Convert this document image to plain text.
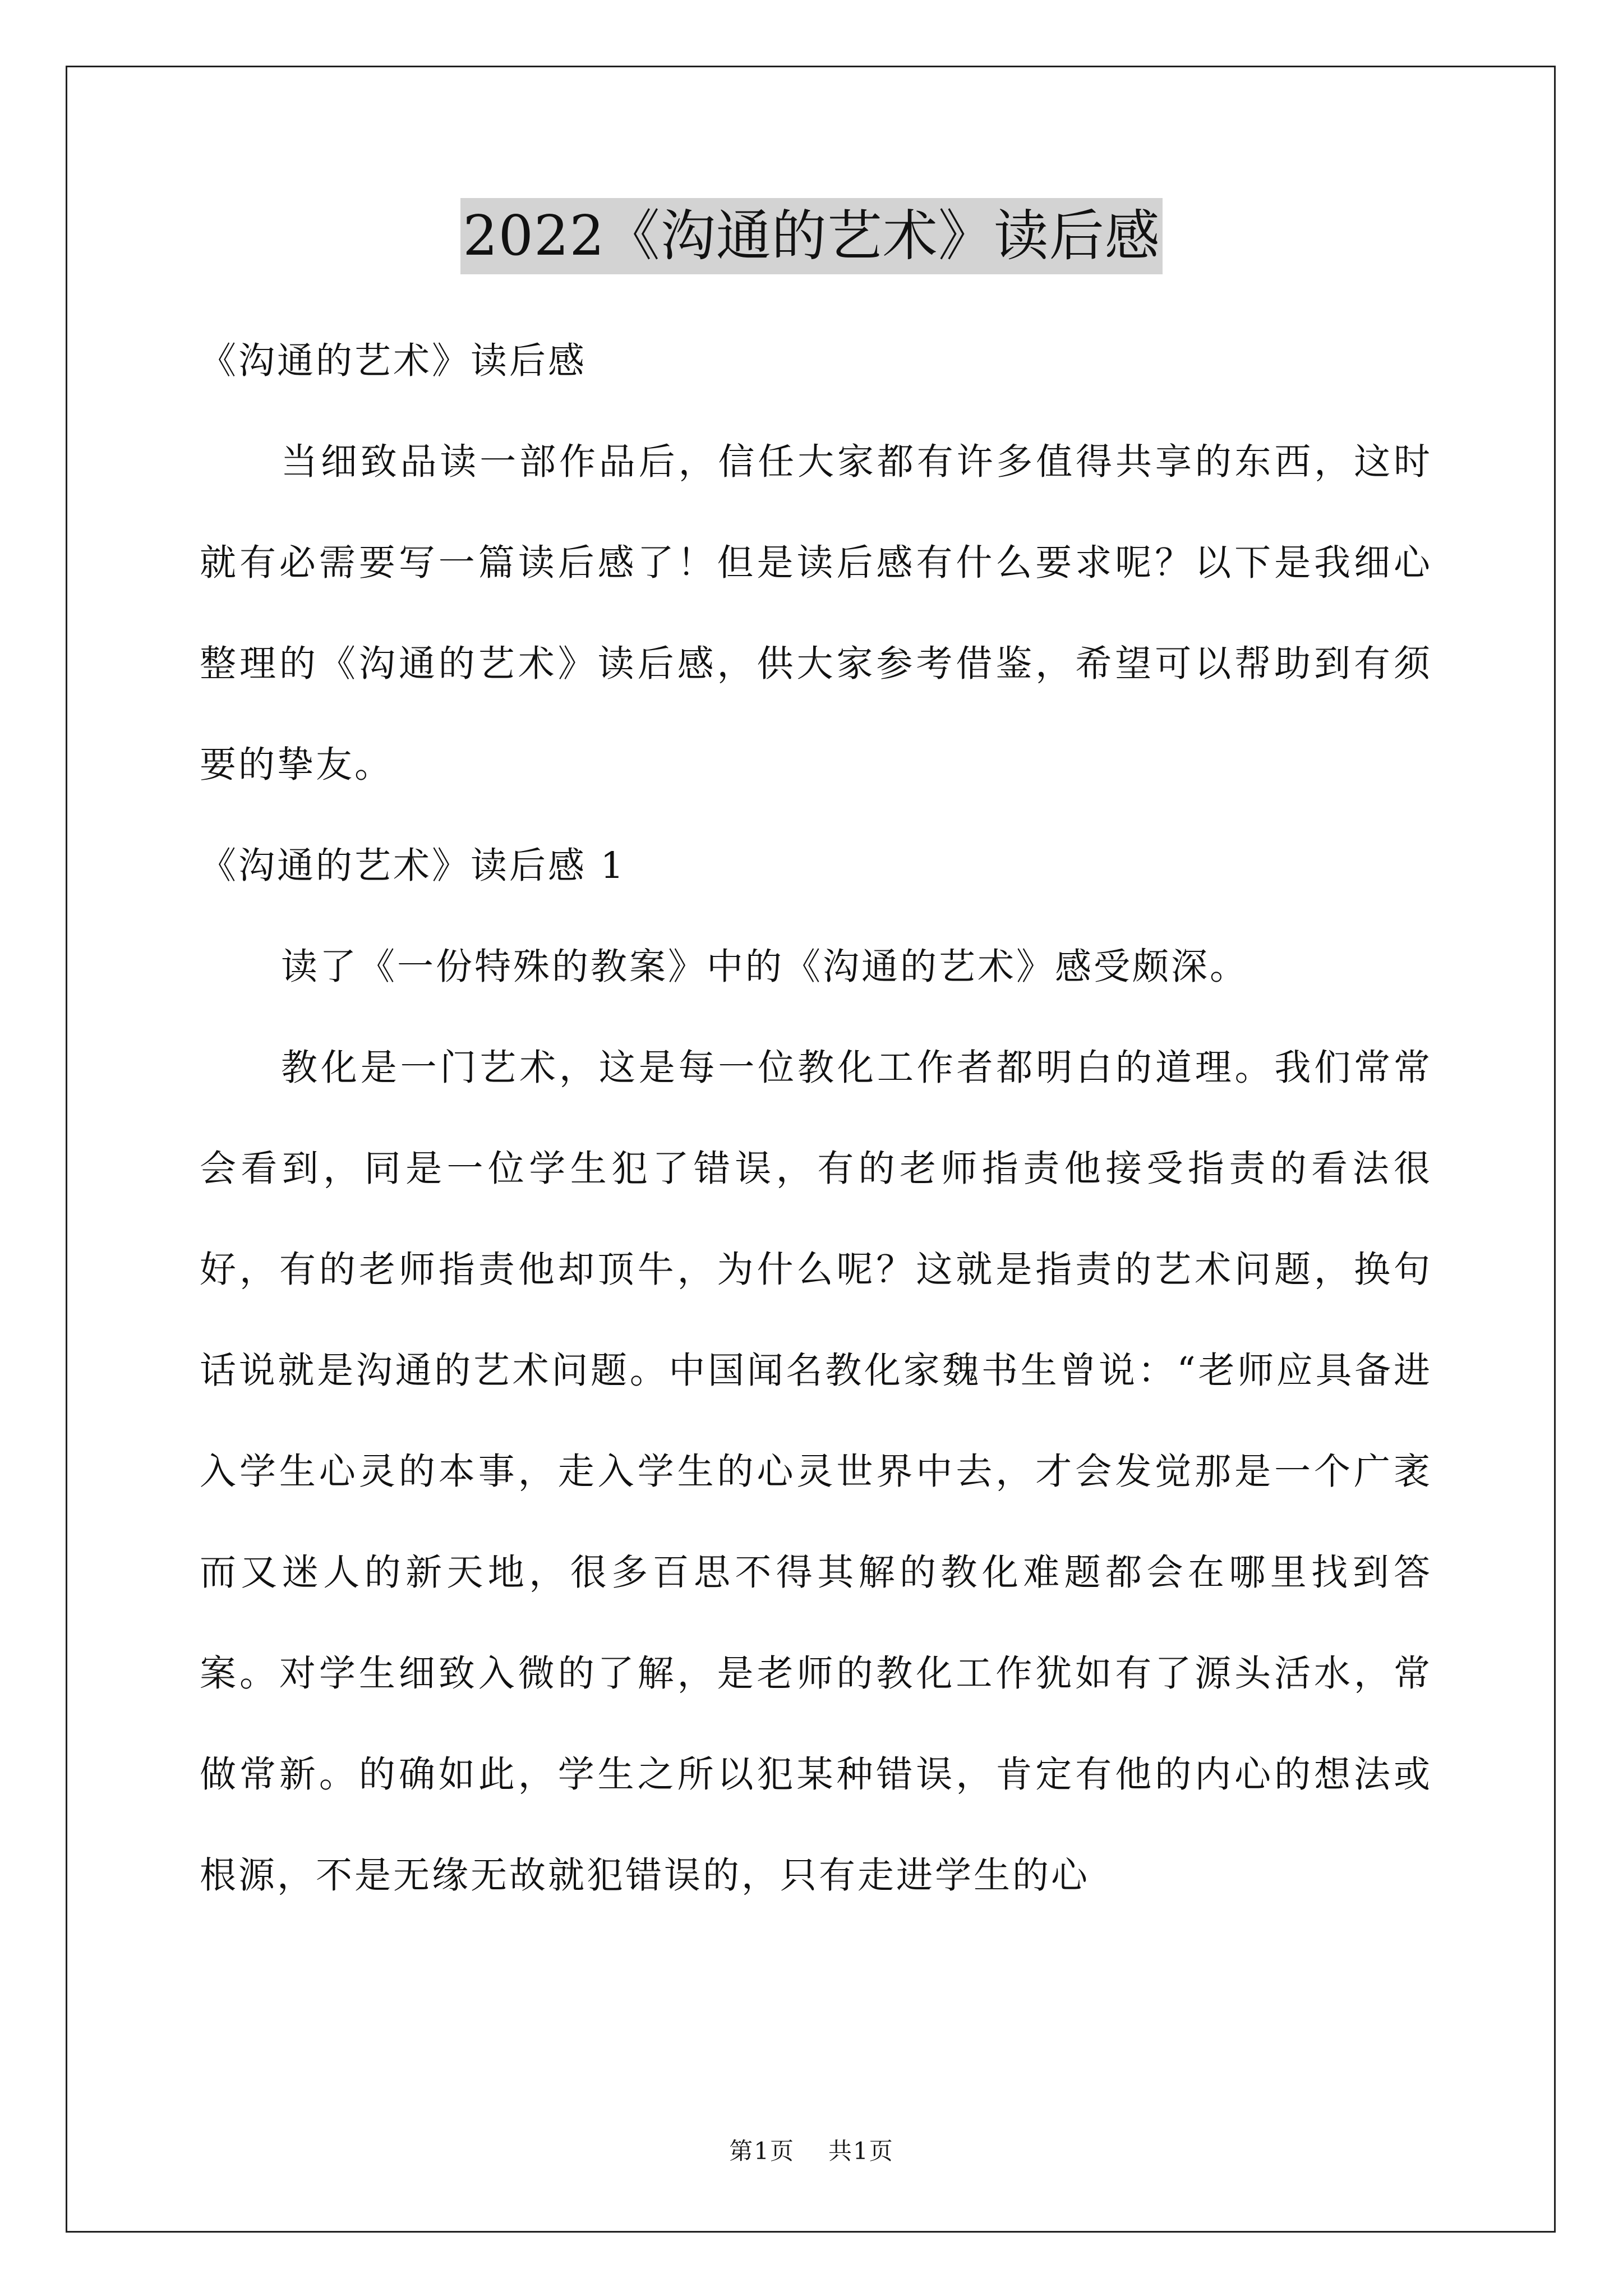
2022《沟通的艺术》读后感

《沟通的艺术》读后感

当细致品读一部作品后，信任大家都有许多值得共享的东西，这时就有必需要写一篇读后感了！但是读后感有什么要求呢？以下是我细心整理的《沟通的艺术》读后感，供大家参考借鉴，希望可以帮助到有须要的挚友。

《沟通的艺术》读后感 1

读了《一份特殊的教案》中的《沟通的艺术》感受颇深。

教化是一门艺术，这是每一位教化工作者都明白的道理。我们常常会看到，同是一位学生犯了错误，有的老师指责他接受指责的看法很好，有的老师指责他却顶牛，为什么呢？这就是指责的艺术问题，换句话说就是沟通的艺术问题。中国闻名教化家魏书生曾说：“老师应具备进入学生心灵的本事，走入学生的心灵世界中去，才会发觉那是一个广袤而又迷人的新天地，很多百思不得其解的教化难题都会在哪里找到答案。对学生细致入微的了解，是老师的教化工作犹如有了源头活水，常做常新。的确如此，学生之所以犯某种错误，肯定有他的内心的想法或根源，不是无缘无故就犯错误的，只有走进学生的心

第1页 共1页
